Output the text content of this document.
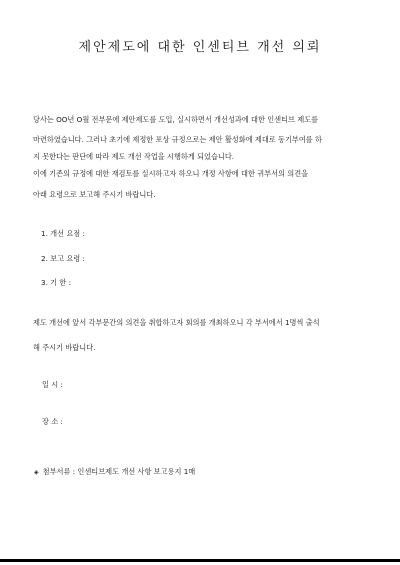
제안제도에 대한 인센티브 개선 의뢰

당사는 OO년 O월 전부문에 제안제도를 도입, 실시하면서 개선성과에 대한 인센티브 제도를

마련하였습니다. 그러나 초기에 제정한 포상 규정으로는 제안 활성화에 제대로 동기부여를 하

지 못한다는 판단에 따라 제도 개선 작업을 시행하게 되었습니다.

이에 기존의 규정에 대한 재검토를 실시하고자 하오니 개정 사항에 대한 귀부서의 의견을

아래 요령으로 보고해 주시기 바랍니다.

1. 개선 요점 :

2. 보고 요령 :

3. 기 한 :

제도 개선에 앞서 각부문간의 의견을 취합하고자 회의를 개최하오니 각 부서에서 1명씩 출석

해 주시기 바랍니다.

일 시 :

장 소 :

◈ 첨부서류 : 인센티브제도 개선 사항 보고용지 1매
